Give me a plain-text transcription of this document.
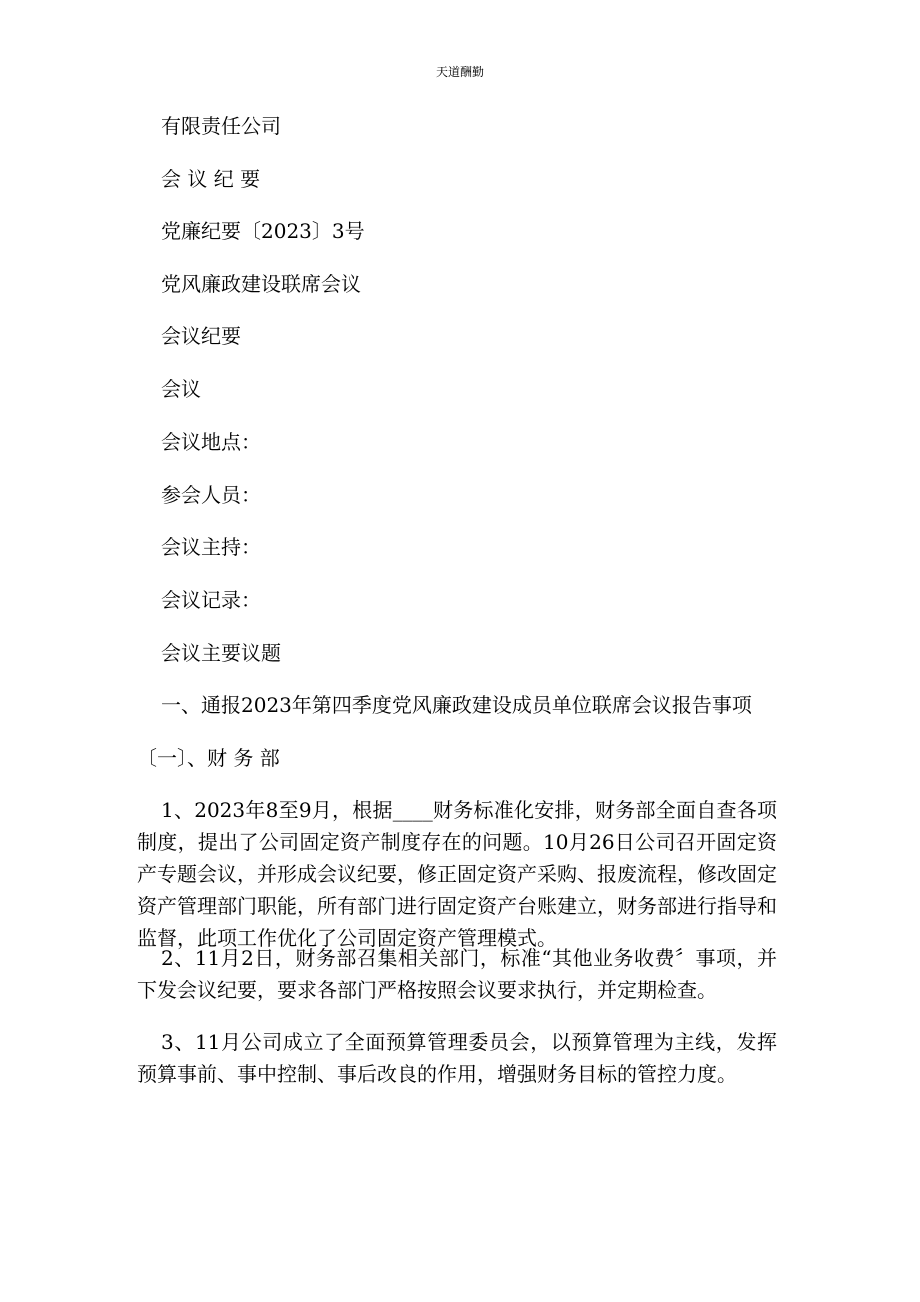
天道酬勤
有限责任公司
会 议 纪 要
党廉纪要〔2023〕3号
党风廉政建设联席会议
会议纪要
会议
会议地点：
参会人员：
会议主持：
会议记录：
会议主要议题
一、通报2023年第四季度党风廉政建设成员单位联席会议报告事项
〔一〕、财 务 部
1、2023年8至9月，根据____财务标准化安排，财务部全面自查各项制度，提出了公司固定资产制度存在的问题。10月26日公司召开固定资产专题会议，并形成会议纪要，修正固定资产采购、报废流程，修改固定资产管理部门职能，所有部门进行固定资产台账建立，财务部进行指导和监督，此项工作优化了公司固定资产管理模式。
2、11月2日，财务部召集相关部门，标准“其他业务收费〞事项，并下发会议纪要，要求各部门严格按照会议要求执行，并定期检查。
3、11月公司成立了全面预算管理委员会，以预算管理为主线，发挥预算事前、事中控制、事后改良的作用，增强财务目标的管控力度。
